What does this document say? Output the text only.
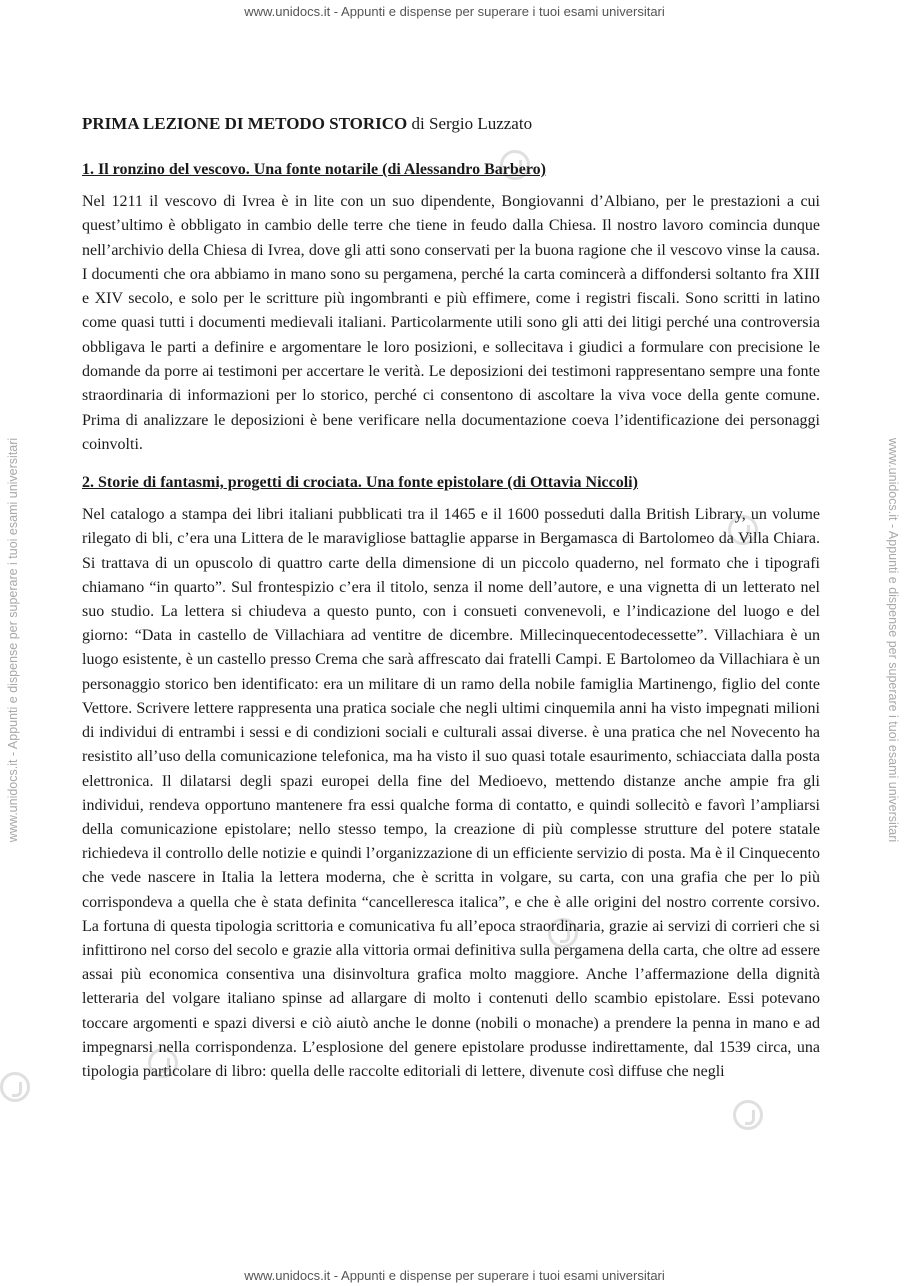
www.unidocs.it - Appunti e dispense per superare i tuoi esami universitari
www.unidocs.it - Appunti e dispense per superare i tuoi esami universitari
www.unidocs.it - Appunti e dispense per superare i tuoi esami universitari	www.unidocs.it - Appunti e dispense per superare i tuoi esami universitari
PRIMA LEZIONE DI METODO STORICO di Sergio Luzzato
1. Il ronzino del vescovo. Una fonte notarile (di Alessandro Barbero)

Nel 1211 il vescovo di Ivrea è in lite con un suo dipendente, Bongiovanni d’Albiano, per le prestazioni a cui quest’ultimo è obbligato in cambio delle terre che tiene in feudo dalla Chiesa. Il nostro lavoro comincia dunque nell’archivio della Chiesa di Ivrea, dove gli atti sono conservati per la buona ragione che il vescovo vinse la causa. I documenti che ora abbiamo in mano sono su pergamena, perché la carta comincerà a diffondersi soltanto fra XIII e XIV secolo, e solo per le scritture più ingombranti e più effimere, come i registri fiscali. Sono scritti in latino come quasi tutti i documenti medievali italiani. Particolarmente utili sono gli atti dei litigi perché una controversia obbligava le parti a definire e argomentare le loro posizioni, e sollecitava i giudici a formulare con precisione le domande da porre ai testimoni per accertare le verità. Le deposizioni dei testimoni rappresentano sempre una fonte straordinaria di informazioni per lo storico, perché ci consentono di ascoltare la viva voce della gente comune. Prima di analizzare le deposizioni è bene verificare nella documentazione coeva l’identificazione dei personaggi coinvolti.

2. Storie di fantasmi, progetti di crociata. Una fonte epistolare (di Ottavia Niccoli)

Nel catalogo a stampa dei libri italiani pubblicati tra il 1465 e il 1600 posseduti dalla British Library, un volume rilegato di bli, c’era una Littera de le maravigliose battaglie apparse in Bergamasca di Bartolomeo da Villa Chiara. Si trattava di un opuscolo di quattro carte della dimensione di un piccolo quaderno, nel formato che i tipografi chiamano “in quarto”. Sul frontespizio c’era il titolo, senza il nome dell’autore, e una vignetta di un letterato nel suo studio. La lettera si chiudeva a questo punto, con i consueti convenevoli, e l’indicazione del luogo e del giorno: “Data in castello de Villachiara ad ventitre de dicembre. Millecinquecentodecessette”. Villachiara è un luogo esistente, è un castello presso Crema che sarà affrescato dai fratelli Campi. E Bartolomeo da Villachiara è un personaggio storico ben identificato: era un militare di un ramo della nobile famiglia Martinengo, figlio del conte Vettore. Scrivere lettere rappresenta una pratica sociale che negli ultimi cinquemila anni ha visto impegnati milioni di individui di entrambi i sessi e di condizioni sociali e culturali assai diverse. è una pratica che nel Novecento ha resistito all’uso della comunicazione telefonica, ma ha visto il suo quasi totale esaurimento, schiacciata dalla posta elettronica. Il dilatarsi degli spazi europei della fine del Medioevo, mettendo distanze anche ampie fra gli individui, rendeva opportuno mantenere fra essi qualche forma di contatto, e quindi sollecitò e favorì l’ampliarsi della comunicazione epistolare; nello stesso tempo, la creazione di più complesse strutture del potere statale richiedeva il controllo delle notizie e quindi l’organizzazione di un efficiente servizio di posta. Ma è il Cinquecento che vede nascere in Italia la lettera moderna, che è scritta in volgare, su carta, con una grafia che per lo più corrispondeva a quella che è stata definita “cancelleresca italica”, e che è alle origini del nostro corrente corsivo. La fortuna di questa tipologia scrittoria e comunicativa fu all’epoca straordinaria, grazie ai servizi di corrieri che si infittirono nel corso del secolo e grazie alla vittoria ormai definitiva sulla pergamena della carta, che oltre ad essere assai più economica consentiva una disinvoltura grafica molto maggiore. Anche l’affermazione della dignità letteraria del volgare italiano spinse ad allargare di molto i contenuti dello scambio epistolare. Essi potevano toccare argomenti e spazi diversi e ciò aiutò anche le donne (nobili o monache) a prendere la penna in mano e ad impegnarsi nella corrispondenza. L’esplosione del genere epistolare produsse indirettamente, dal 1539 circa, una tipologia particolare di libro: quella delle raccolte editoriali di lettere, divenute così diffuse che negli
